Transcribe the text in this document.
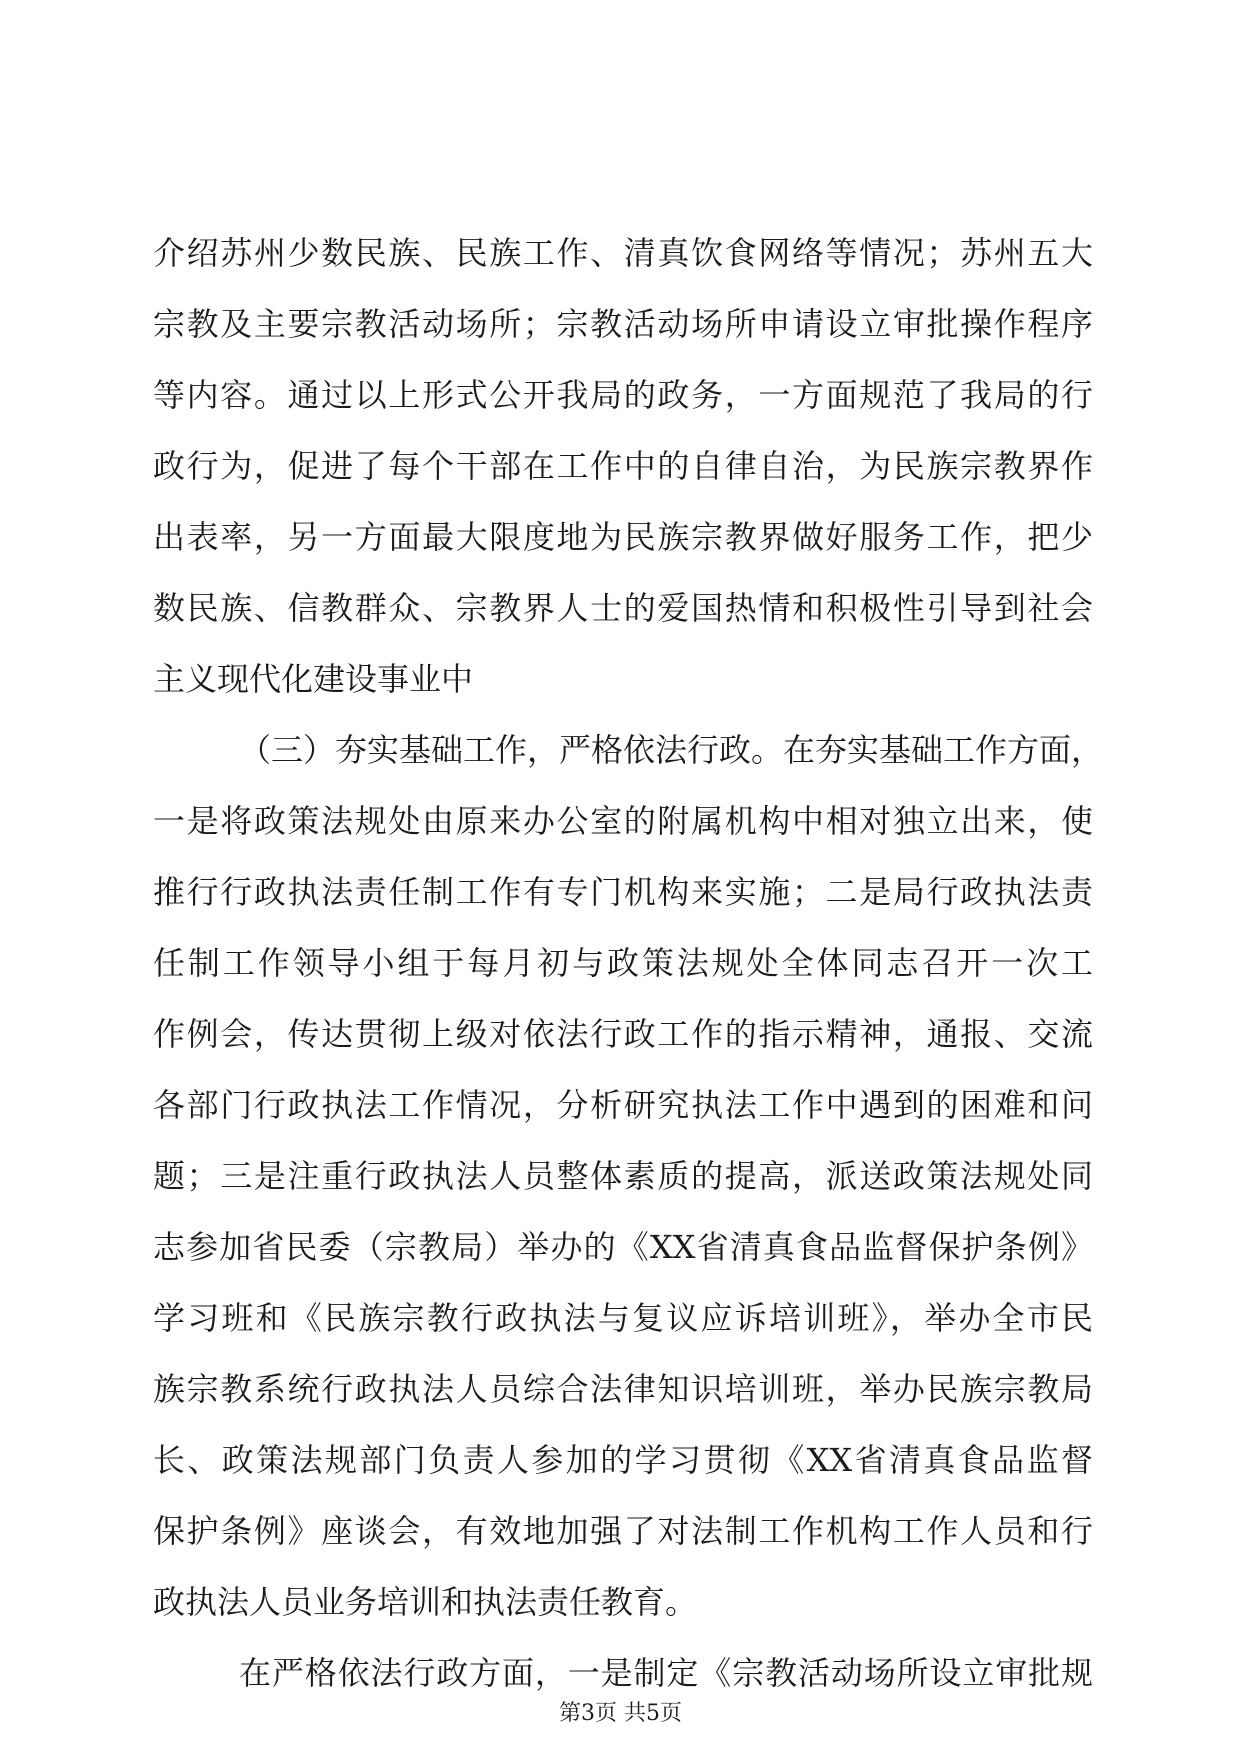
介绍苏州少数民族、民族工作、清真饮食网络等情况；苏州五大
宗教及主要宗教活动场所；宗教活动场所申请设立审批操作程序
等内容。通过以上形式公开我局的政务，一方面规范了我局的行
政行为，促进了每个干部在工作中的自律自治，为民族宗教界作
出表率，另一方面最大限度地为民族宗教界做好服务工作，把少
数民族、信教群众、宗教界人士的爱国热情和积极性引导到社会
主义现代化建设事业中
（三）夯实基础工作，严格依法行政。在夯实基础工作方面，
一是将政策法规处由原来办公室的附属机构中相对独立出来，使
推行行政执法责任制工作有专门机构来实施；二是局行政执法责
任制工作领导小组于每月初与政策法规处全体同志召开一次工
作例会，传达贯彻上级对依法行政工作的指示精神，通报、交流
各部门行政执法工作情况，分析研究执法工作中遇到的困难和问
题；三是注重行政执法人员整体素质的提高，派送政策法规处同
志参加省民委（宗教局）举办的《XX省清真食品监督保护条例》
学习班和《民族宗教行政执法与复议应诉培训班》，举办全市民
族宗教系统行政执法人员综合法律知识培训班，举办民族宗教局
长、政策法规部门负责人参加的学习贯彻《XX省清真食品监督
保护条例》座谈会，有效地加强了对法制工作机构工作人员和行
政执法人员业务培训和执法责任教育。
在严格依法行政方面，一是制定《宗教活动场所设立审批规
第3页 共5页
